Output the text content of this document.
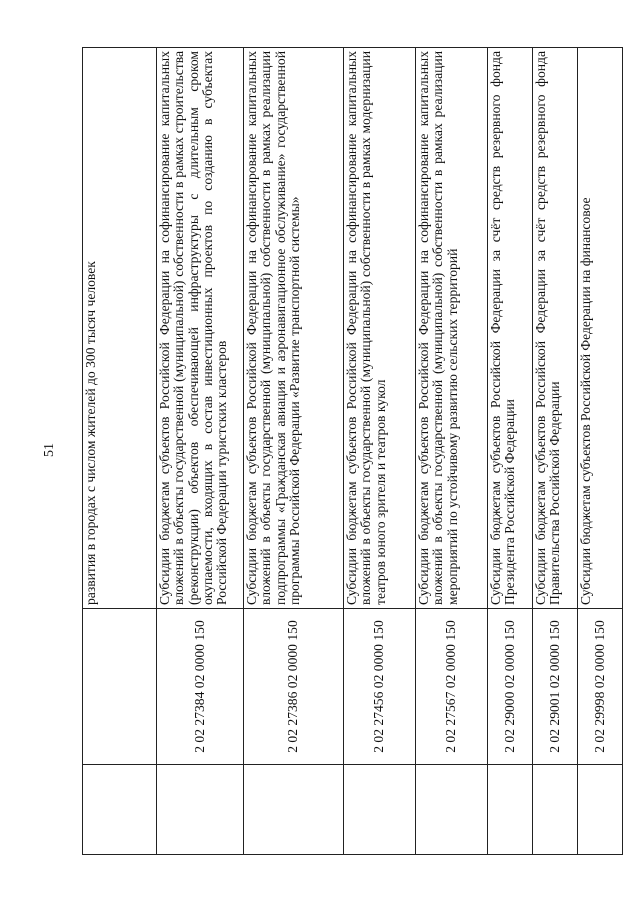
51
		развития в городах с числом жителей до 300 тысяч человек
	2 02 27384 02 0000 150	Субсидии бюджетам субъектов Российской Федерации на софинансирование капитальных вложений в объекты государственной (муниципальной) собственности в рамках строительства (реконструкции) объектов обеспечивающей инфраструктуры с длительным сроком окупаемости, входящих в состав инвестиционных проектов по созданию в субъектах Российской Федерации туристских кластеров
	2 02 27386 02 0000 150	Субсидии бюджетам субъектов Российской Федерации на софинансирование капитальных вложений в объекты государственной (муниципальной) собственности в рамках реализации подпрограммы «Гражданская авиация и аэронавигационное обслуживание» государственной программы Российской Федерации «Развитие транспортной системы»
	2 02 27456 02 0000 150	Субсидии бюджетам субъектов Российской Федерации на софинансирование капитальных вложений в объекты государственной (муниципальной) собственности в рамках модернизации театров юного зрителя и театров кукол
	2 02 27567 02 0000 150	Субсидии бюджетам субъектов Российской Федерации на софинансирование капитальных вложений в объекты государственной (муниципальной) собственности в рамках реализации мероприятий по устойчивому развитию сельских территорий
	2 02 29000 02 0000 150	Субсидии бюджетам субъектов Российской Федерации за счёт средств резервного фонда Президента Российской Федерации
	2 02 29001 02 0000 150	Субсидии бюджетам субъектов Российской Федерации за счёт средств резервного фонда Правительства Российской Федерации
	2 02 29998 02 0000 150	Субсидии бюджетам субъектов Российской Федерации на финансовое
